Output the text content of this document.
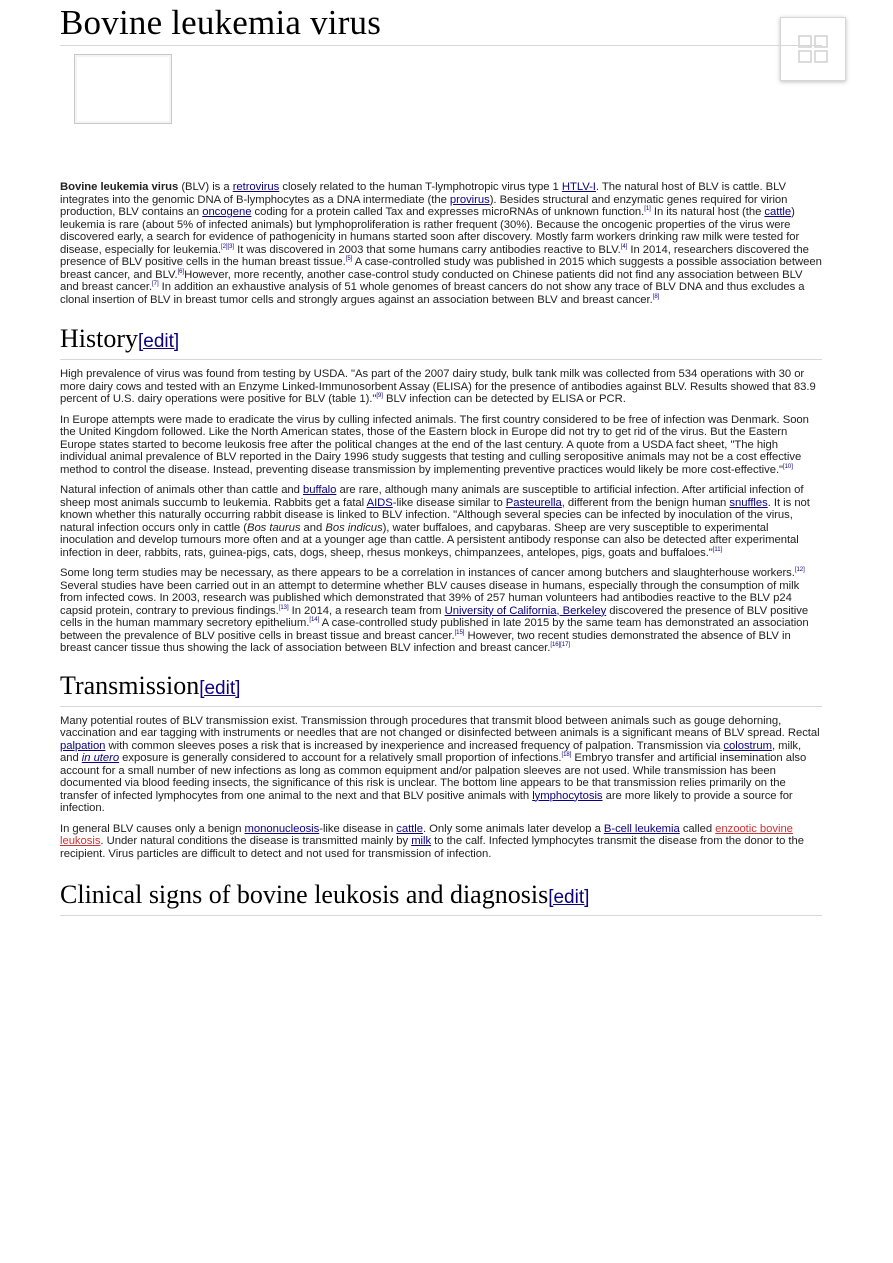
Bovine leukemia virus

Bovine leukemia virus (BLV) is a retrovirus closely related to the human T-lymphotropic virus type 1 HTLV-I. The natural host of BLV is cattle. BLV integrates into the genomic DNA of B-lymphocytes as a DNA intermediate (the provirus). Besides structural and enzymatic genes required for virion production, BLV contains an oncogene coding for a protein called Tax and expresses microRNAs of unknown function.[1] In its natural host (the cattle) leukemia is rare (about 5% of infected animals) but lymphoproliferation is rather frequent (30%). Because the oncogenic properties of the virus were discovered early, a search for evidence of pathogenicity in humans started soon after discovery. Mostly farm workers drinking raw milk were tested for disease, especially for leukemia.[2][3] It was discovered in 2003 that some humans carry antibodies reactive to BLV.[4] In 2014, researchers discovered the presence of BLV positive cells in the human breast tissue.[5] A case-controlled study was published in 2015 which suggests a possible association between breast cancer, and BLV.[6]However, more recently, another case-control study conducted on Chinese patients did not find any association between BLV and breast cancer.[7] In addition an exhaustive analysis of 51 whole genomes of breast cancers do not show any trace of BLV DNA and thus excludes a clonal insertion of BLV in breast tumor cells and strongly argues against an association between BLV and breast cancer.[8]

History[edit]

High prevalence of virus was found from testing by USDA. "As part of the 2007 dairy study, bulk tank milk was collected from 534 operations with 30 or more dairy cows and tested with an Enzyme Linked-Immunosorbent Assay (ELISA) for the presence of antibodies against BLV. Results showed that 83.9 percent of U.S. dairy operations were positive for BLV (table 1)."[9] BLV infection can be detected by ELISA or PCR.

In Europe attempts were made to eradicate the virus by culling infected animals. The first country considered to be free of infection was Denmark. Soon the United Kingdom followed. Like the North American states, those of the Eastern block in Europe did not try to get rid of the virus. But the Eastern Europe states started to become leukosis free after the political changes at the end of the last century. A quote from a USDA fact sheet, "The high individual animal prevalence of BLV reported in the Dairy 1996 study suggests that testing and culling seropositive animals may not be a cost effective method to control the disease. Instead, preventing disease transmission by implementing preventive practices would likely be more cost-effective."[10]

Natural infection of animals other than cattle and buffalo are rare, although many animals are susceptible to artificial infection. After artificial infection of sheep most animals succumb to leukemia. Rabbits get a fatal AIDS-like disease similar to Pasteurella, different from the benign human snuffles. It is not known whether this naturally occurring rabbit disease is linked to BLV infection. "Although several species can be infected by inoculation of the virus, natural infection occurs only in cattle (Bos taurus and Bos indicus), water buffaloes, and capybaras. Sheep are very susceptible to experimental inoculation and develop tumours more often and at a younger age than cattle. A persistent antibody response can also be detected after experimental infection in deer, rabbits, rats, guinea-pigs, cats, dogs, sheep, rhesus monkeys, chimpanzees, antelopes, pigs, goats and buffaloes."[11]

Some long term studies may be necessary, as there appears to be a correlation in instances of cancer among butchers and slaughterhouse workers.[12] Several studies have been carried out in an attempt to determine whether BLV causes disease in humans, especially through the consumption of milk from infected cows. In 2003, research was published which demonstrated that 39% of 257 human volunteers had antibodies reactive to the BLV p24 capsid protein, contrary to previous findings.[13] In 2014, a research team from University of California, Berkeley discovered the presence of BLV positive cells in the human mammary secretory epithelium.[14] A case-controlled study published in late 2015 by the same team has demonstrated an association between the prevalence of BLV positive cells in breast tissue and breast cancer.[15] However, two recent studies demonstrated the absence of BLV in breast cancer tissue thus showing the lack of association between BLV infection and breast cancer.[16][17]

Transmission[edit]

Many potential routes of BLV transmission exist. Transmission through procedures that transmit blood between animals such as gouge dehorning, vaccination and ear tagging with instruments or needles that are not changed or disinfected between animals is a significant means of BLV spread. Rectal palpation with common sleeves poses a risk that is increased by inexperience and increased frequency of palpation. Transmission via colostrum, milk, and in utero exposure is generally considered to account for a relatively small proportion of infections.[18] Embryo transfer and artificial insemination also account for a small number of new infections as long as common equipment and/or palpation sleeves are not used. While transmission has been documented via blood feeding insects, the significance of this risk is unclear. The bottom line appears to be that transmission relies primarily on the transfer of infected lymphocytes from one animal to the next and that BLV positive animals with lymphocytosis are more likely to provide a source for infection.

In general BLV causes only a benign mononucleosis-like disease in cattle. Only some animals later develop a B-cell leukemia called enzootic bovine leukosis. Under natural conditions the disease is transmitted mainly by milk to the calf. Infected lymphocytes transmit the disease from the donor to the recipient. Virus particles are difficult to detect and not used for transmission of infection.

Clinical signs of bovine leukosis and diagnosis[edit]
